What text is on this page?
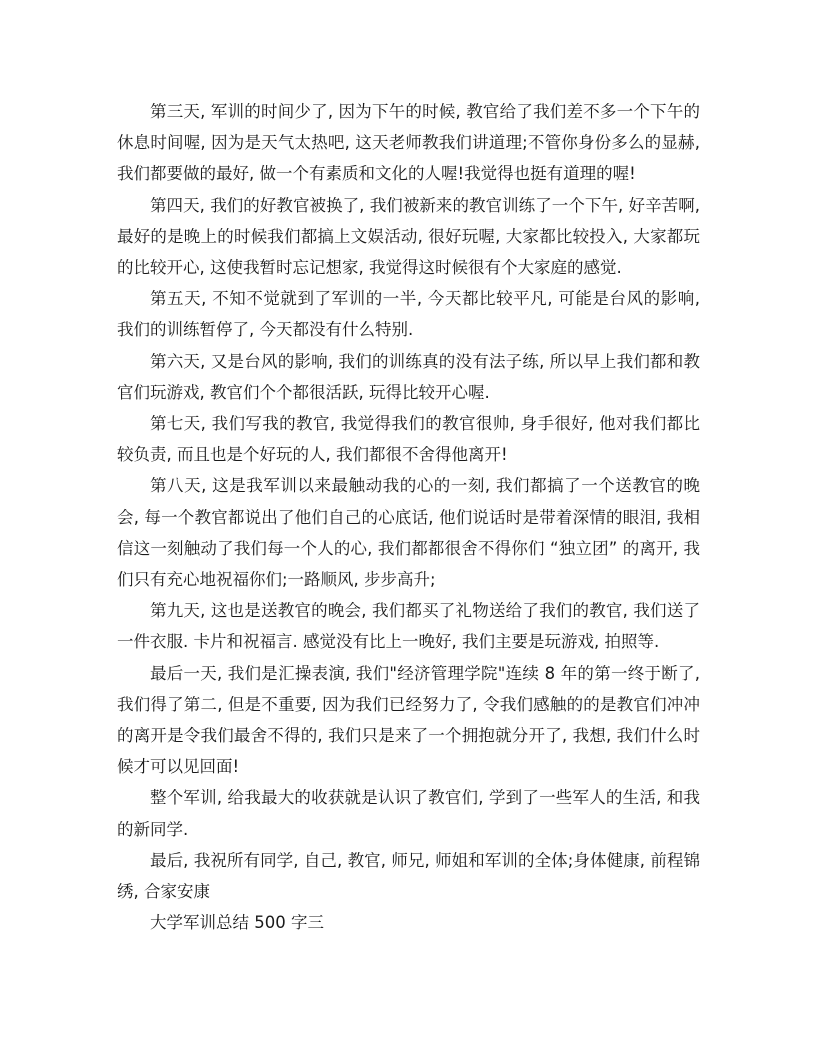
第三天, 军训的时间少了, 因为下午的时候, 教官给了我们差不多一个下午的休息时间喔, 因为是天气太热吧, 这天老师教我们讲道理;不管你身份多么的显赫, 我们都要做的最好, 做一个有素质和文化的人喔!我觉得也挺有道理的喔!

第四天, 我们的好教官被换了, 我们被新来的教官训练了一个下午, 好辛苦啊, 最好的是晚上的时候我们都搞上文娱活动, 很好玩喔, 大家都比较投入, 大家都玩的比较开心, 这使我暂时忘记想家, 我觉得这时候很有个大家庭的感觉.

第五天, 不知不觉就到了军训的一半, 今天都比较平凡, 可能是台风的影响, 我们的训练暂停了, 今天都没有什么特别.

第六天, 又是台风的影响, 我们的训练真的没有法子练, 所以早上我们都和教官们玩游戏, 教官们个个都很活跃, 玩得比较开心喔.

第七天, 我们写我的教官, 我觉得我们的教官很帅, 身手很好, 他对我们都比较负责, 而且也是个好玩的人, 我们都很不舍得他离开!

第八天, 这是我军训以来最触动我的心的一刻, 我们都搞了一个送教官的晚会, 每一个教官都说出了他们自己的心底话, 他们说话时是带着深情的眼泪, 我相信这一刻触动了我们每一个人的心, 我们都都很舍不得你们 “独立团” 的离开, 我们只有充心地祝福你们;一路顺风, 步步高升;

第九天, 这也是送教官的晚会, 我们都买了礼物送给了我们的教官, 我们送了一件衣服. 卡片和祝福言. 感觉没有比上一晚好, 我们主要是玩游戏, 拍照等.

最后一天, 我们是汇操表演, 我们"经济管理学院"连续 8 年的第一终于断了, 我们得了第二, 但是不重要, 因为我们已经努力了, 令我们感触的的是教官们冲冲的离开是令我们最舍不得的, 我们只是来了一个拥抱就分开了, 我想, 我们什么时候才可以见回面!

整个军训, 给我最大的收获就是认识了教官们, 学到了一些军人的生活, 和我的新同学.

最后, 我祝所有同学, 自己, 教官, 师兄, 师姐和军训的全体;身体健康, 前程锦绣, 合家安康

大学军训总结 500 字三
